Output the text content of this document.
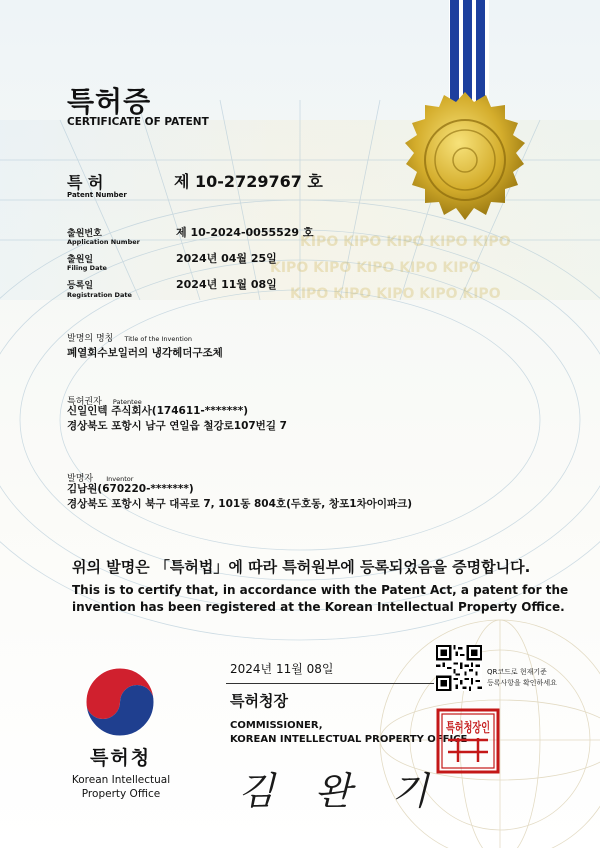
KIPO KIPO KIPO KIPO KIPO
KIPO KIPO KIPO KIPO KIPO
KIPO KIPO KIPO KIPO KIPO
특허증
CERTIFICATE OF PATENT
특 허
Patent Number
제 10-2729767 호
출원번호
Application Number
제 10-2024-0055529 호
출원일
Filing Date
2024년 04월 25일
등록일
Registration Date
2024년 11월 08일
발명의 명칭 Title of the Invention
폐열회수보일러의 냉각헤더구조체
특허권자 Patentee
신일인텍 주식회사(174611-*******)
경상북도 포항시 남구 연일읍 철강로107번길 7
발명자 Inventor
김남원(670220-*******)
경상북도 포항시 북구 대곡로 7, 101동 804호(두호동, 창포1차아이파크)
위의 발명은 「특허법」에 따라 특허원부에 등록되었음을 증명합니다.
This is to certify that, in accordance with the Patent Act, a patent for the
invention has been registered at the Korean Intellectual Property Office.
특허청
Korean Intellectual
Property Office
2024년 11월 08일
특허청장
COMMISSIONER,
KOREAN INTELLECTUAL PROPERTY OFFICE
김 완 기
QR코드로 현재기준
등록사항을 확인하세요
특허청장인
